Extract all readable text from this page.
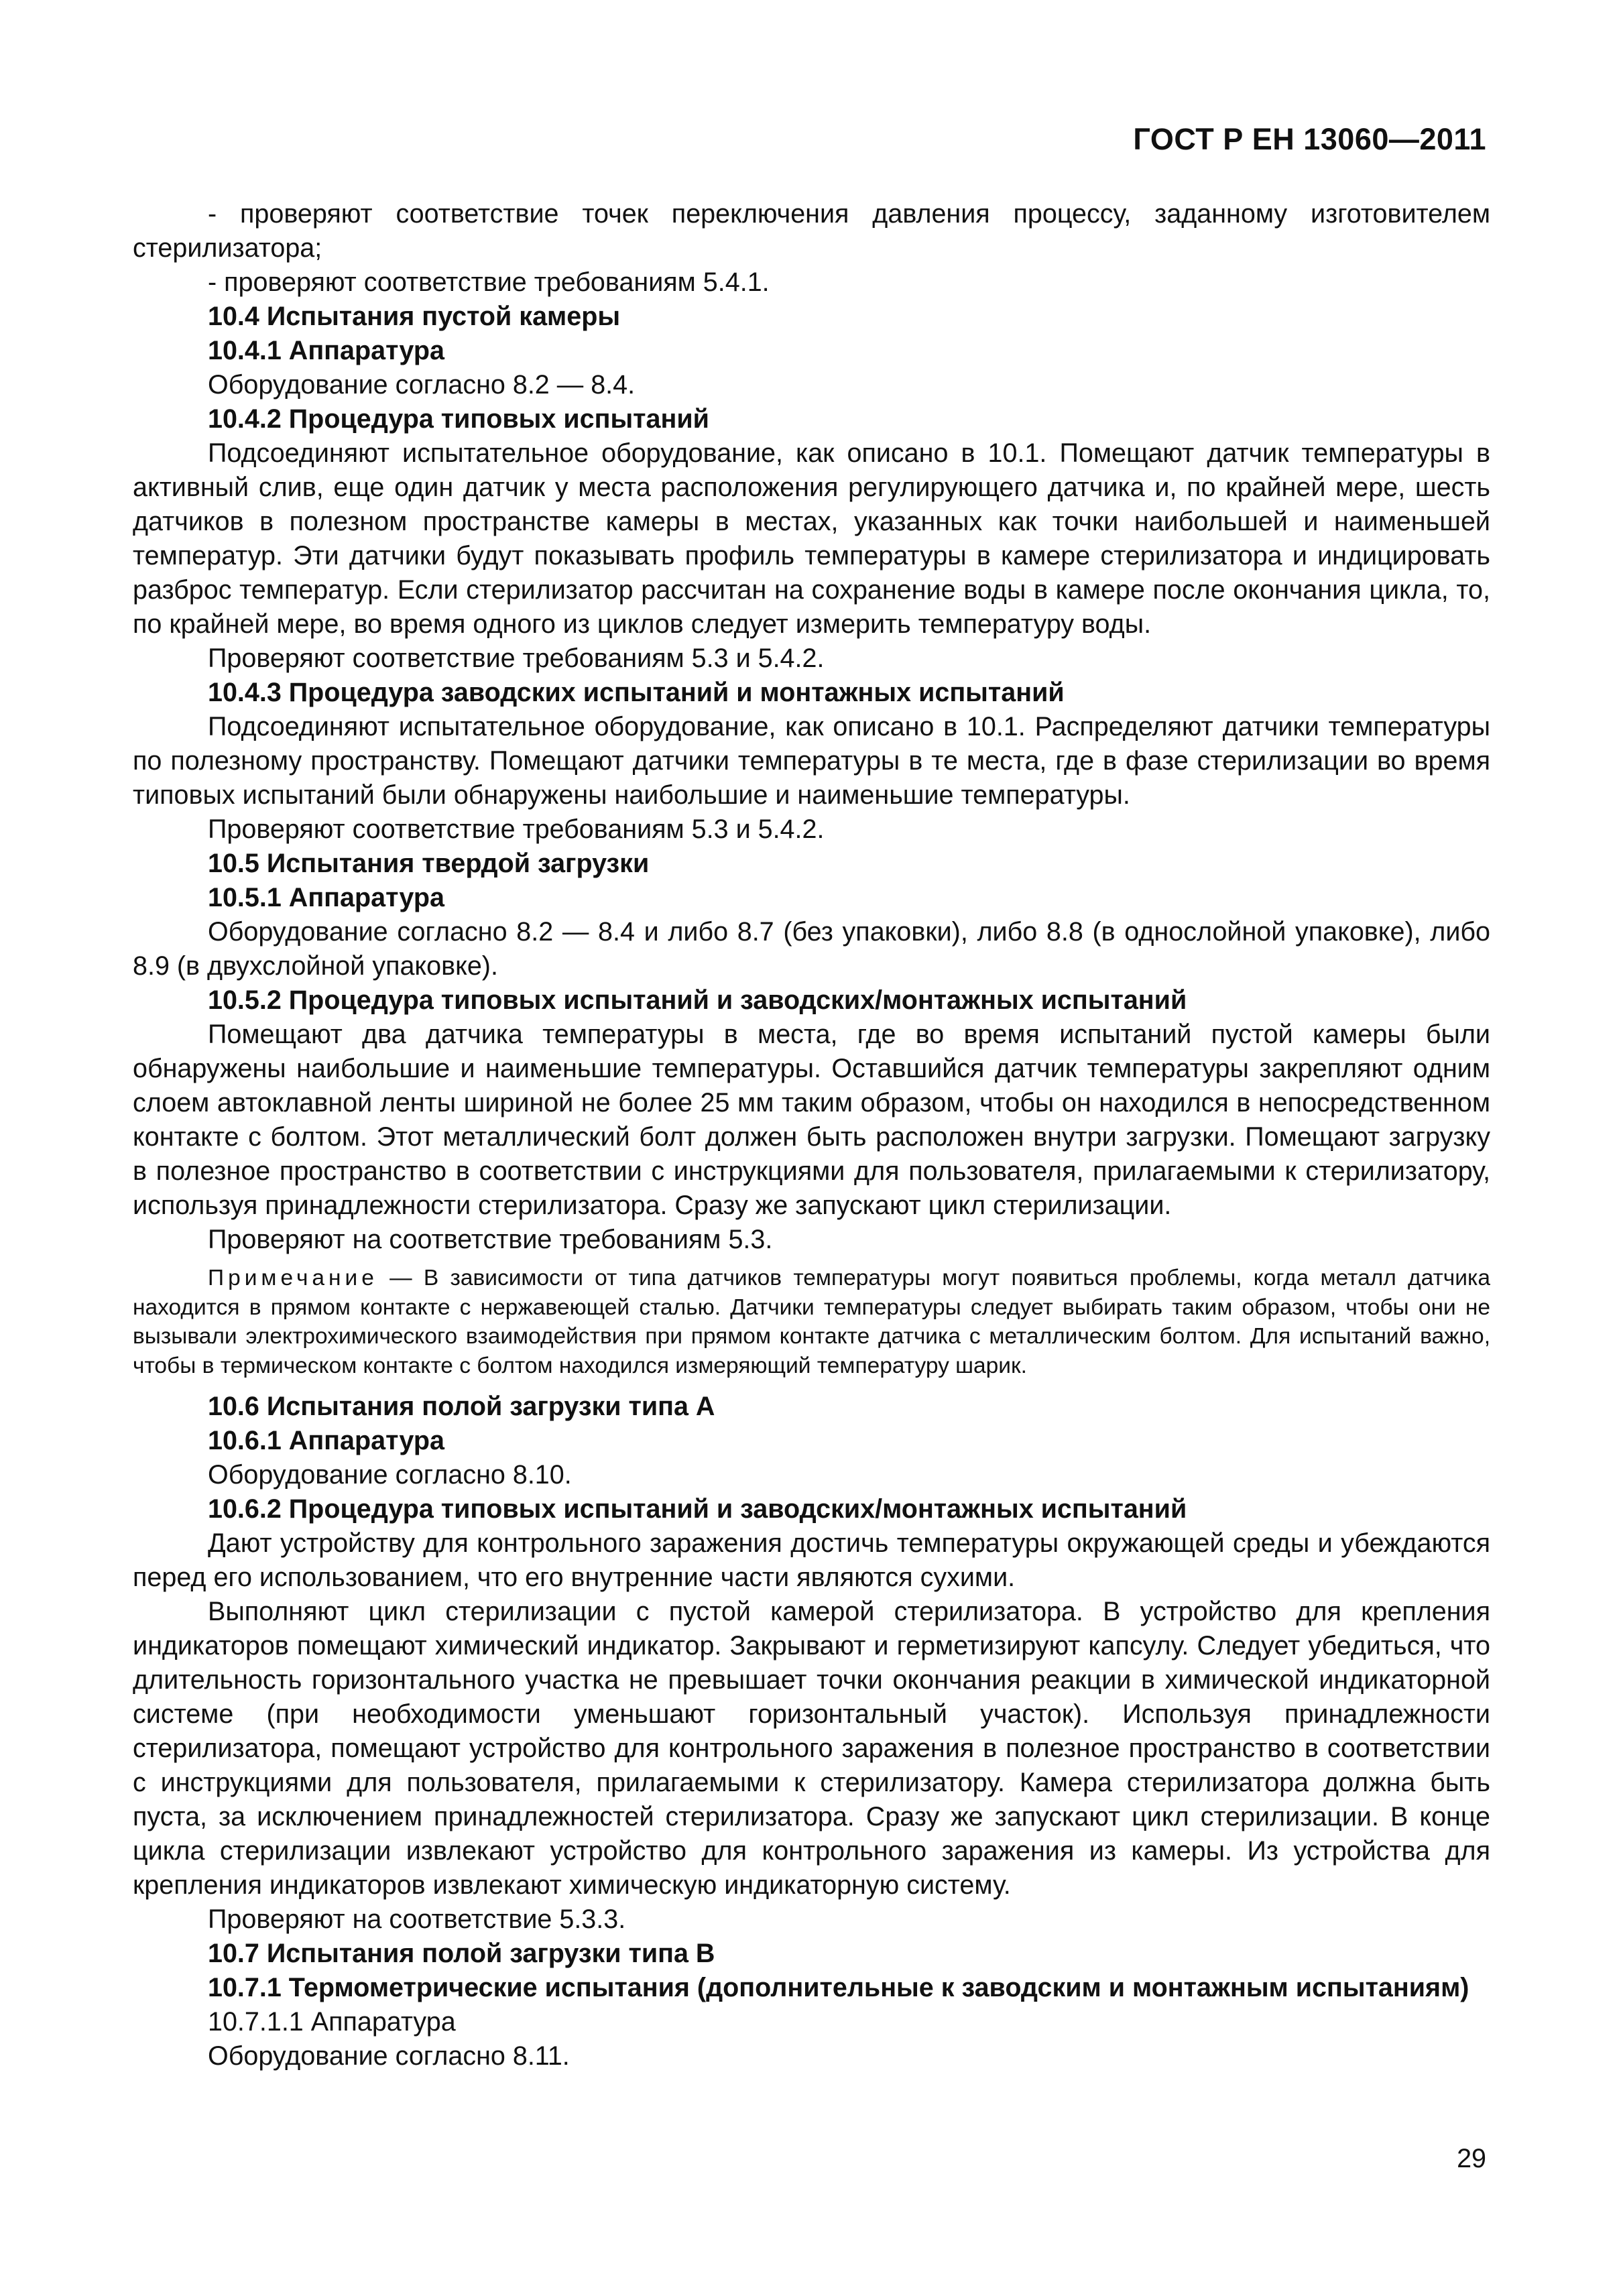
ГОСТ Р ЕН 13060—2011
- проверяют соответствие точек переключения давления процессу, заданному изготовителем стерилизатора;
- проверяют соответствие требованиям 5.4.1.
10.4 Испытания пустой камеры
10.4.1 Аппаратура
Оборудование согласно 8.2 — 8.4.
10.4.2 Процедура типовых испытаний
Подсоединяют испытательное оборудование, как описано в 10.1. Помещают датчик температуры в активный слив, еще один датчик у места расположения регулирующего датчика и, по крайней мере, шесть датчиков в полезном пространстве камеры в местах, указанных как точки наибольшей и наименьшей температур. Эти датчики будут показывать профиль температуры в камере стерилизатора и индицировать разброс температур. Если стерилизатор рассчитан на сохранение воды в камере после окончания цикла, то, по крайней мере, во время одного из циклов следует измерить температуру воды.
Проверяют соответствие требованиям 5.3 и 5.4.2.
10.4.3 Процедура заводских испытаний и монтажных испытаний
Подсоединяют испытательное оборудование, как описано в 10.1. Распределяют датчики температуры по полезному пространству. Помещают датчики температуры в те места, где в фазе стерилизации во время типовых испытаний были обнаружены наибольшие и наименьшие температуры.
Проверяют соответствие требованиям 5.3 и 5.4.2.
10.5 Испытания твердой загрузки
10.5.1 Аппаратура
Оборудование согласно 8.2 — 8.4 и либо 8.7 (без упаковки), либо 8.8 (в однослойной упаковке), либо 8.9 (в двухслойной упаковке).
10.5.2 Процедура типовых испытаний и заводских/монтажных испытаний
Помещают два датчика температуры в места, где во время испытаний пустой камеры были обнаружены наибольшие и наименьшие температуры. Оставшийся датчик температуры закрепляют одним слоем автоклавной ленты шириной не более 25 мм таким образом, чтобы он находился в непосредственном контакте с болтом. Этот металлический болт должен быть расположен внутри загрузки. Помещают загрузку в полезное пространство в соответствии с инструкциями для пользователя, прилагаемыми к стерилизатору, используя принадлежности стерилизатора. Сразу же запускают цикл стерилизации.
Проверяют на соответствие требованиям 5.3.
Примечание — В зависимости от типа датчиков температуры могут появиться проблемы, когда металл датчика находится в прямом контакте с нержавеющей сталью. Датчики температуры следует выбирать таким образом, чтобы они не вызывали электрохимического взаимодействия при прямом контакте датчика с металлическим болтом. Для испытаний важно, чтобы в термическом контакте с болтом находился измеряющий температуру шарик.
10.6 Испытания полой загрузки типа А
10.6.1 Аппаратура
Оборудование согласно 8.10.
10.6.2 Процедура типовых испытаний и заводских/монтажных испытаний
Дают устройству для контрольного заражения достичь температуры окружающей среды и убеждаются перед его использованием, что его внутренние части являются сухими.
Выполняют цикл стерилизации с пустой камерой стерилизатора. В устройство для крепления индикаторов помещают химический индикатор. Закрывают и герметизируют капсулу. Следует убедиться, что длительность горизонтального участка не превышает точки окончания реакции в химической индикаторной системе (при необходимости уменьшают горизонтальный участок). Используя принадлежности стерилизатора, помещают устройство для контрольного заражения в полезное пространство в соответствии с инструкциями для пользователя, прилагаемыми к стерилизатору. Камера стерилизатора должна быть пуста, за исключением принадлежностей стерилизатора. Сразу же запускают цикл стерилизации. В конце цикла стерилизации извлекают устройство для контрольного заражения из камеры. Из устройства для крепления индикаторов извлекают химическую индикаторную систему.
Проверяют на соответствие 5.3.3.
10.7 Испытания полой загрузки типа В
10.7.1 Термометрические испытания (дополнительные к заводским и монтажным испытаниям)
10.7.1.1 Аппаратура
Оборудование согласно 8.11.
29
